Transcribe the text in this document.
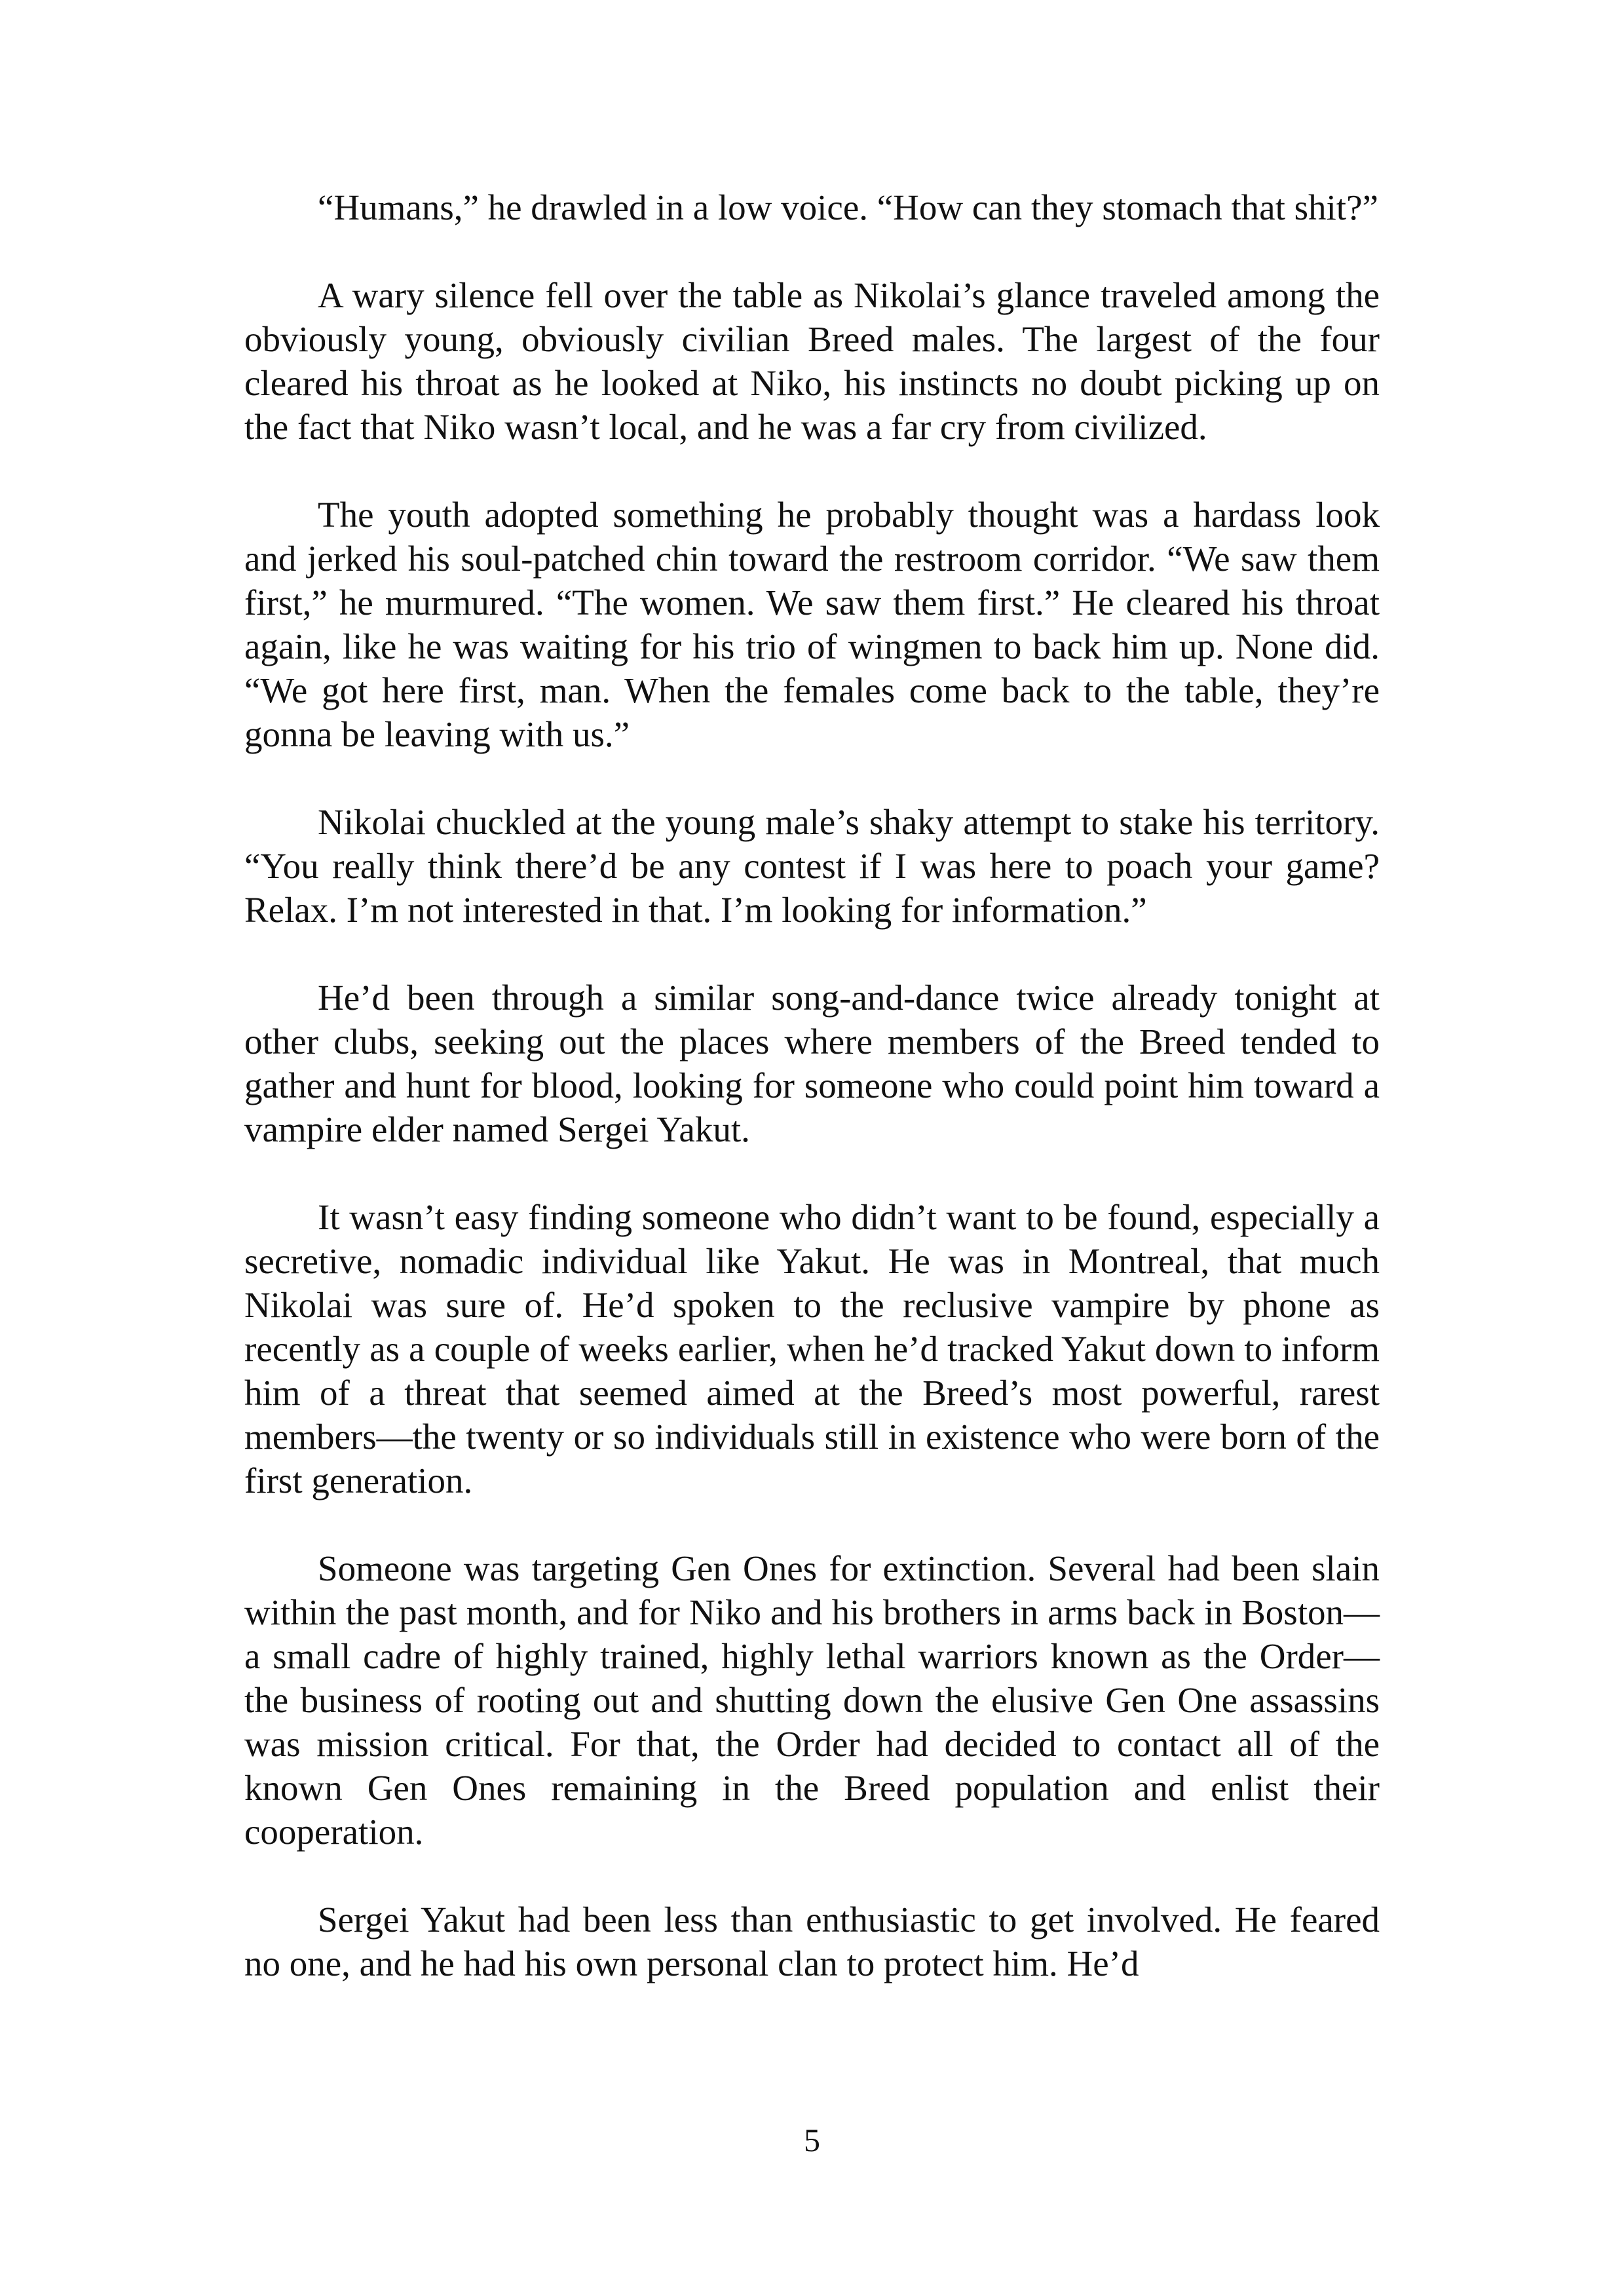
“Humans,” he drawled in a low voice. “How can they stomach that shit?”

A wary silence fell over the table as Nikolai’s glance traveled among the obviously young, obviously civilian Breed males. The largest of the four cleared his throat as he looked at Niko, his instincts no doubt picking up on the fact that Niko wasn’t local, and he was a far cry from civilized.

The youth adopted something he probably thought was a hardass look and jerked his soul-patched chin toward the restroom corridor. “We saw them first,” he murmured. “The women. We saw them first.” He cleared his throat again, like he was waiting for his trio of wingmen to back him up. None did. “We got here first, man. When the females come back to the table, they’re gonna be leaving with us.”

Nikolai chuckled at the young male’s shaky attempt to stake his territory. “You really think there’d be any contest if I was here to poach your game? Relax. I’m not interested in that. I’m looking for information.”

He’d been through a similar song-and-dance twice already tonight at other clubs, seeking out the places where members of the Breed tended to gather and hunt for blood, looking for someone who could point him toward a vampire elder named Sergei Yakut.

It wasn’t easy finding someone who didn’t want to be found, especially a secretive, nomadic individual like Yakut. He was in Montreal, that much Nikolai was sure of. He’d spoken to the reclusive vampire by phone as recently as a couple of weeks earlier, when he’d tracked Yakut down to inform him of a threat that seemed aimed at the Breed’s most powerful, rarest members—the twenty or so individuals still in existence who were born of the first generation.

Someone was targeting Gen Ones for extinction. Several had been slain within the past month, and for Niko and his brothers in arms back in Boston—a small cadre of highly trained, highly lethal warriors known as the Order—the business of rooting out and shutting down the elusive Gen One assassins was mission critical. For that, the Order had decided to contact all of the known Gen Ones remaining in the Breed population and enlist their cooperation.

Sergei Yakut had been less than enthusiastic to get involved. He feared no one, and he had his own personal clan to protect him. He’d

5
